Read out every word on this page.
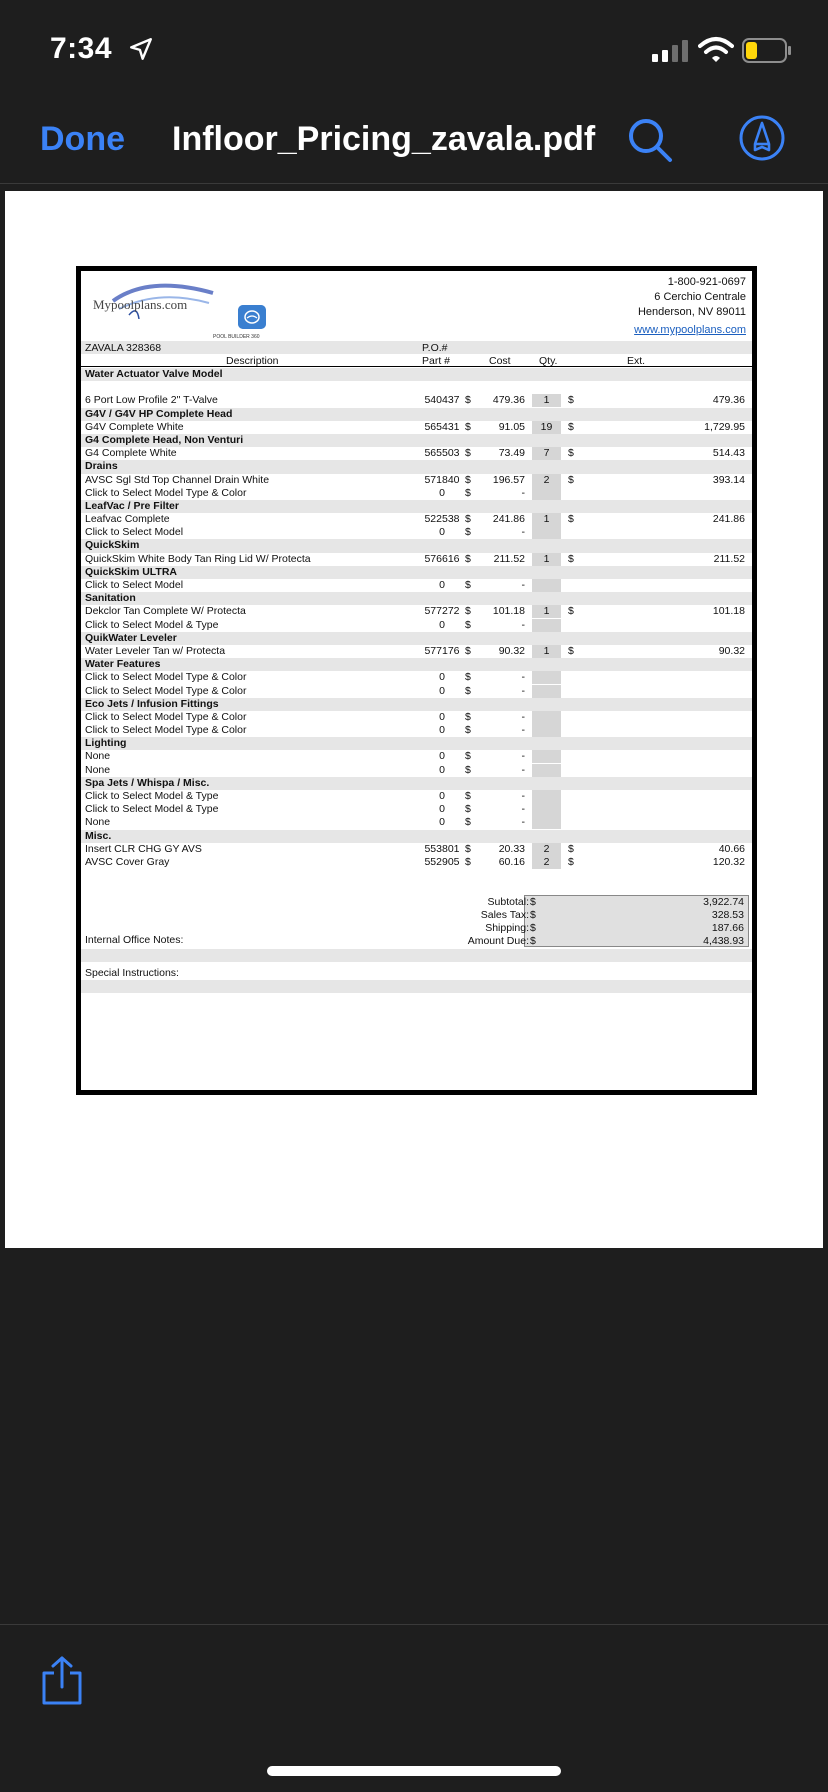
7:34
Done Infloor_Pricing_zavala.pdf
Mypoolplans.com
POOL BUILDER 360
1-800-921-0697
6 Cerchio Centrale
Henderson, NV 89011
www.mypoolplans.com
ZAVALA 328368	P.O.#
Description	Part #	Cost	Qty.	Ext.
Water Actuator Valve Model
6 Port Low Profile 2" T-Valve	540437 $	479.36	1	$	479.36
G4V / G4V HP Complete Head
G4V Complete White	565431 $	91.05	19	$	1,729.95
G4 Complete Head, Non Venturi
G4 Complete White	565503 $	73.49	7	$	514.43
Drains
AVSC Sgl Std Top Channel Drain White	571840 $	196.57	2	$	393.14
Click to Select Model Type & Color	0	$	-
LeafVac / Pre Filter
Leafvac Complete	522538 $	241.86	1	$	241.86
Click to Select Model	0	$	-
QuickSkim
QuickSkim White Body Tan Ring Lid W/ Protecta	576616 $	211.52	1	$	211.52
QuickSkim ULTRA
Click to Select Model	0	$	-
Sanitation
Dekclor Tan Complete W/ Protecta	577272 $	101.18	1	$	101.18
Click to Select Model & Type	0	$	-
QuikWater Leveler
Water Leveler Tan w/ Protecta	577176 $	90.32	1	$	90.32
Water Features
Click to Select Model Type & Color	0	$	-
Click to Select Model Type & Color	0	$	-
Eco Jets / Infusion Fittings
Click to Select Model Type & Color	0	$	-
Click to Select Model Type & Color	0	$	-
Lighting
None	0	$	-
None	0	$	-
Spa Jets / Whispa / Misc.
Click to Select Model & Type	0	$	-
Click to Select Model & Type	0	$	-
None	0	$	-
Misc.
Insert CLR CHG GY AVS	553801 $	20.33	2	$	40.66
AVSC Cover Gray	552905 $	60.16	2	$	120.32
Subtotal: $	3,922.74
Sales Tax: $	328.53
Shipping: $	187.66
Amount Due: $	4,438.93
Internal Office Notes:
Special Instructions:
